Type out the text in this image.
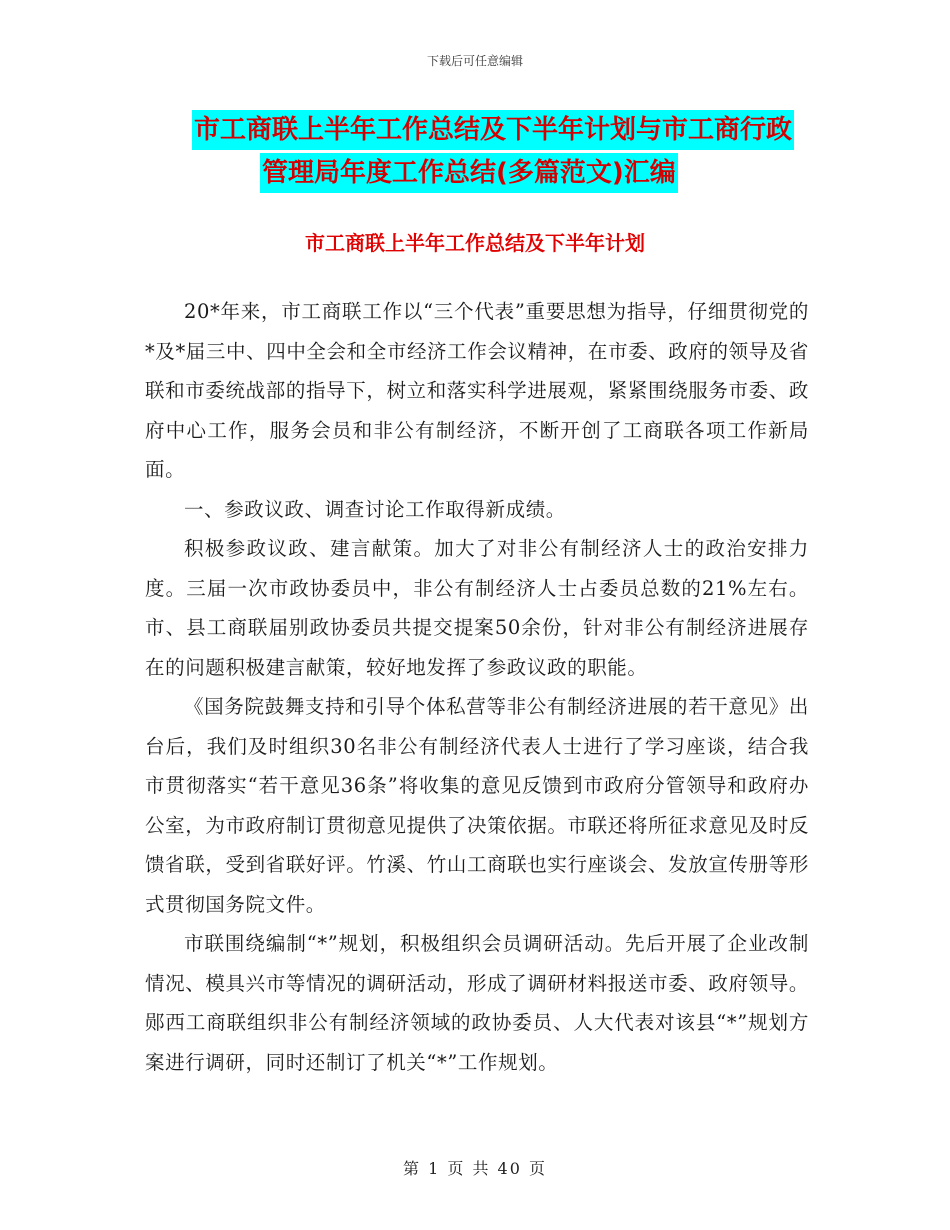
下载后可任意编辑
市工商联上半年工作总结及下半年计划与市工商行政
管理局年度工作总结(多篇范文)汇编
市工商联上半年工作总结及下半年计划

20*年来，市工商联工作以“三个代表”重要思想为指导，仔细贯彻党的*及*届三中、四中全会和全市经济工作会议精神，在市委、政府的领导及省联和市委统战部的指导下，树立和落实科学进展观，紧紧围绕服务市委、政府中心工作，服务会员和非公有制经济，不断开创了工商联各项工作新局面。

一、参政议政、调查讨论工作取得新成绩。

积极参政议政、建言献策。加大了对非公有制经济人士的政治安排力度。三届一次市政协委员中，非公有制经济人士占委员总数的21%左右。市、县工商联届别政协委员共提交提案50余份，针对非公有制经济进展存在的问题积极建言献策，较好地发挥了参政议政的职能。

《国务院鼓舞支持和引导个体私营等非公有制经济进展的若干意见》出台后，我们及时组织30名非公有制经济代表人士进行了学习座谈，结合我市贯彻落实“若干意见36条”将收集的意见反馈到市政府分管领导和政府办公室，为市政府制订贯彻意见提供了决策依据。市联还将所征求意见及时反馈省联，受到省联好评。竹溪、竹山工商联也实行座谈会、发放宣传册等形式贯彻国务院文件。

市联围绕编制“*”规划，积极组织会员调研活动。先后开展了企业改制情况、模具兴市等情况的调研活动，形成了调研材料报送市委、政府领导。郧西工商联组织非公有制经济领域的政协委员、人大代表对该县“*”规划方案进行调研，同时还制订了机关“*”工作规划。

第 1 页 共 40 页
